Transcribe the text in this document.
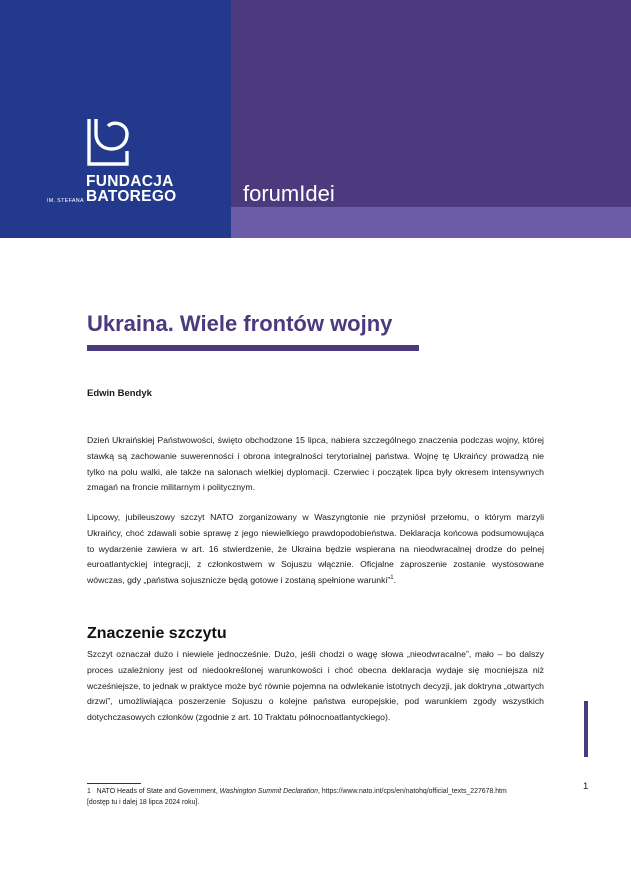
FUNDACJA
IM. STEFANA BATOREGO	forumIdei
Ukraina. Wiele frontów wojny
Edwin Bendyk

Dzień Ukraińskiej Państwowości, święto obchodzone 15 lipca, nabiera szczególnego znaczenia podczas wojny, której stawką są zachowanie suwerenności i obrona integralności terytorialnej państwa. Wojnę tę Ukraińcy prowadzą nie tylko na polu walki, ale także na salonach wielkiej dyplomacji. Czerwiec i początek lipca były okresem intensywnych zmagań na froncie militarnym i politycznym.

Lipcowy, jubileuszowy szczyt NATO zorganizowany w Waszyngtonie nie przyniósł przełomu, o którym marzyli Ukraińcy, choć zdawali sobie sprawę z jego niewielkiego prawdopodobieństwa. Deklaracja końcowa podsumowująca to wydarzenie zawiera w art. 16 stwierdzenie, że Ukraina będzie wspierana na nieodwracalnej drodze do pełnej euroatlantyckiej integracji, z członkostwem w Sojuszu włącznie. Oficjalne zaproszenie zostanie wystosowane wówczas, gdy „państwa sojusznicze będą gotowe i zostaną spełnione warunki”$^1$.

Znaczenie szczytu

Szczyt oznaczał dużo i niewiele jednocześnie. Dużo, jeśli chodzi o wagę słowa „nieodwracalne”, mało – bo dalszy proces uzależniony jest od niedookreślonej warunkowości i choć obecna deklaracja wydaje się mocniejsza niż wcześniejsze, to jednak w praktyce może być równie pojemna na odwlekanie istotnych decyzji, jak doktryna „otwartych drzwi”, umożliwiająca poszerzenie Sojuszu o kolejne państwa europejskie, pod warunkiem zgody wszystkich dotychczasowych członków (zgodnie z art. 10 Traktatu północnoatlantyckiego).

1 NATO Heads of State and Government, Washington Summit Declaration, https://www.nato.int/cps/en/natohq/official_texts_227678.htm [dostęp tu i dalej 18 lipca 2024 roku].

1
